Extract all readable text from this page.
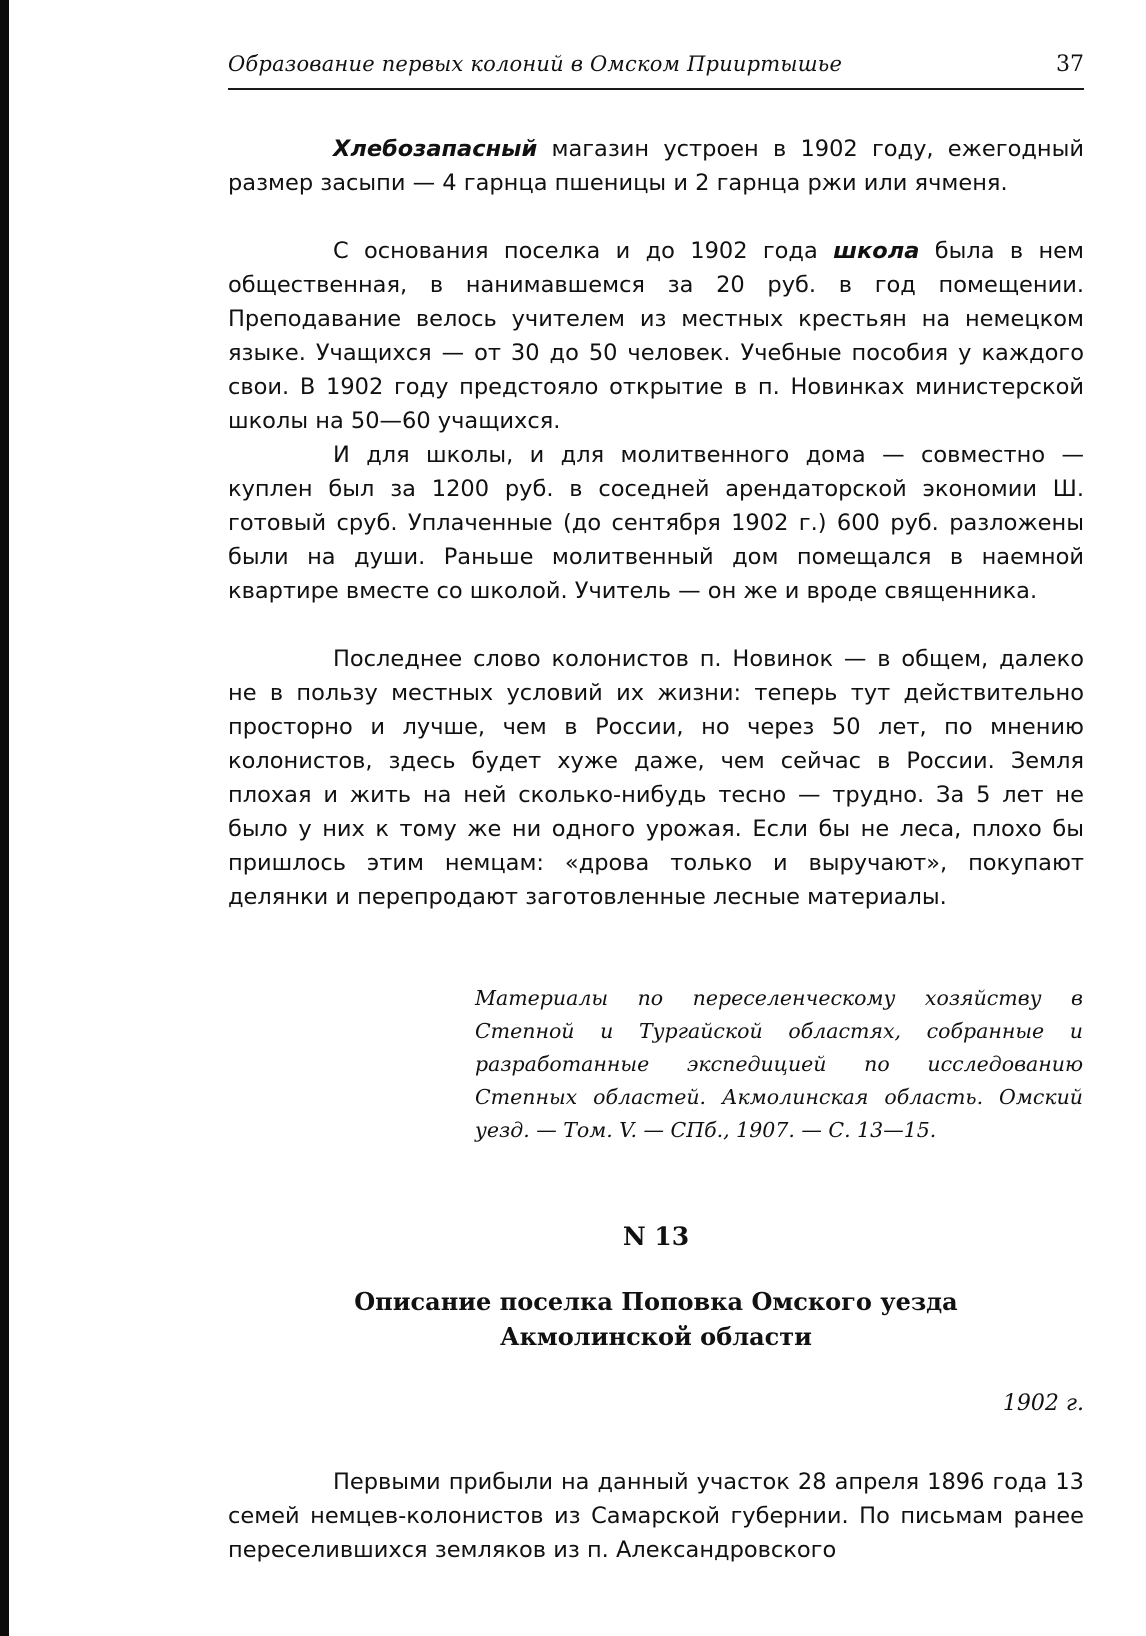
Образование первых колоний в Омском Прииртышье	37

Хлебозапасный магазин устроен в 1902 году, ежегодный размер засыпи — 4 гарнца пшеницы и 2 гарнца ржи или ячменя.

С основания поселка и до 1902 года школа была в нем общественная, в нанимавшемся за 20 руб. в год помещении. Преподавание велось учителем из местных крестьян на немецком языке. Учащихся — от 30 до 50 человек. Учебные пособия у каждого свои. В 1902 году предстояло открытие в п. Новинках министерской школы на 50—60 учащихся.

И для школы, и для молитвенного дома — совместно — куплен был за 1200 руб. в соседней арендаторской экономии Ш. готовый сруб. Уплаченные (до сентября 1902 г.) 600 руб. разложены были на души. Раньше молитвенный дом помещался в наемной квартире вместе со школой. Учитель — он же и вроде священника.

Последнее слово колонистов п. Новинок — в общем, далеко не в пользу местных условий их жизни: теперь тут действительно просторно и лучше, чем в России, но через 50 лет, по мнению колонистов, здесь будет хуже даже, чем сейчас в России. Земля плохая и жить на ней сколько-нибудь тесно — трудно. За 5 лет не было у них к тому же ни одного урожая. Если бы не леса, плохо бы пришлось этим немцам: «дрова только и выручают», покупают делянки и перепродают заготовленные лесные материалы.

Материалы по переселенческому хозяйству в Степной и Тургайской областях, собранные и разработанные экспедицией по исследованию Степных областей. Акмолинская область. Омский уезд. — Том. V. — СПб., 1907. — С. 13—15.

N 13

Описание поселка Поповка Омского уезда
Акмолинской области

1902 г.

Первыми прибыли на данный участок 28 апреля 1896 года 13 семей немцев-колонистов из Самарской губернии. По письмам ранее переселившихся земляков из п. Александровского
